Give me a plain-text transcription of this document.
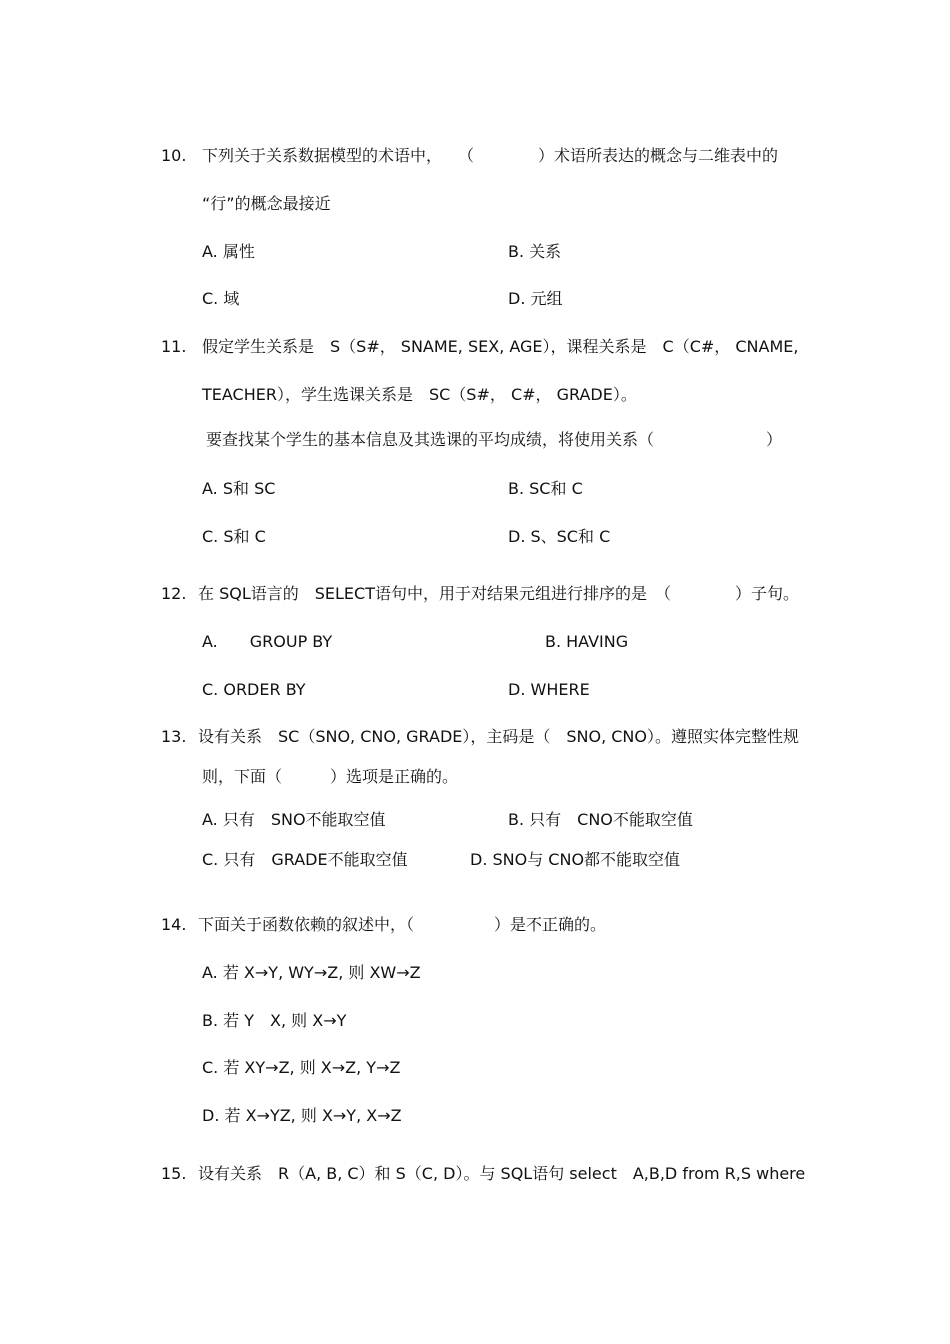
10. 下列关于关系数据模型的术语中，　　（　　　　）术语所表达的概念与二维表中的
“行”的概念最接近
A. 属性	B. 关系
C. 域	D. 元组
11. 假定学生关系是　S（S#， SNAME, SEX, AGE），课程关系是　C（C#， CNAME,
TEACHER），学生选课关系是　SC（S#， C#， GRADE）。
要查找某个学生的基本信息及其选课的平均成绩，将使用关系（　　　　　　　）
A. S和 SC	B. SC和 C
C. S和 C	D. S、SC和 C
12. 在 SQL语言的　SELECT语句中，用于对结果元组进行排序的是　（　　　　）子句。
A.　　GROUP BY	B. HAVING
C. ORDER BY	D. WHERE
13. 设有关系　SC（SNO, CNO, GRADE），主码是（　SNO, CNO）。遵照实体完整性规
则，下面（　　　）选项是正确的。
A. 只有　SNO不能取空值	B. 只有　CNO不能取空值
C. 只有　GRADE不能取空值	D. SNO与 CNO都不能取空值
14. 下面关于函数依赖的叙述中，（　　　　　）是不正确的。
A. 若 X→Y, WY→Z, 则 XW→Z
B. 若 Y　X, 则 X→Y
C. 若 XY→Z, 则 X→Z, Y→Z
D. 若 X→YZ, 则 X→Y, X→Z
15. 设有关系　R（A, B, C）和 S（C, D）。与 SQL语句 select　A,B,D from R,S where
